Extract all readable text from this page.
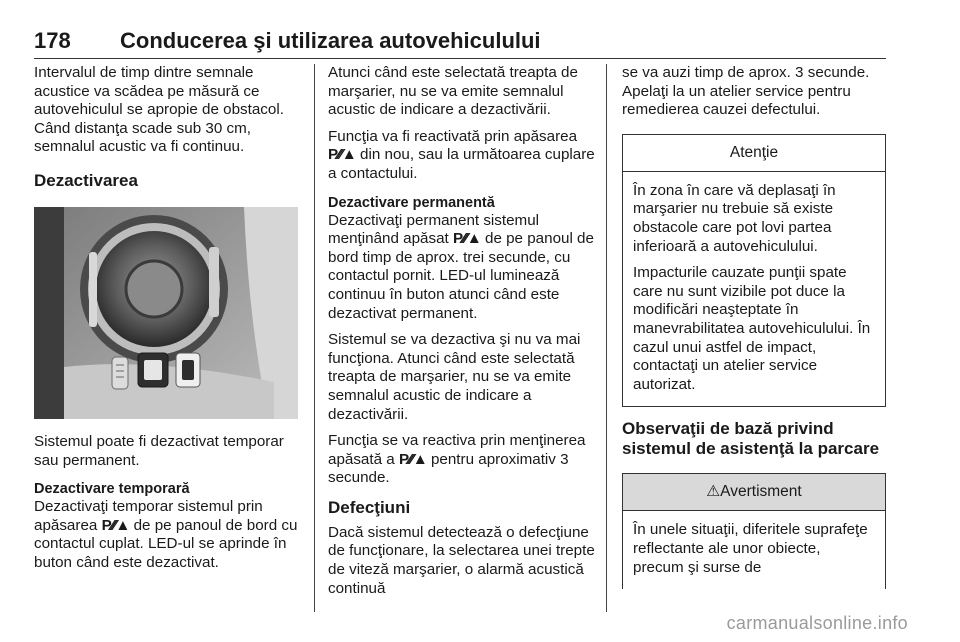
178 Conducerea şi utilizarea autovehiculului

Intervalul de timp dintre semnale acustice va scădea pe măsură ce autovehiculul se apropie de obstacol. Când distanţa scade sub 30 cm, semnalul acustic va fi continuu.

Dezactivarea

Sistemul poate fi dezactivat temporar sau permanent.

Dezactivare temporară

Dezactivaţi temporar sistemul prin apăsarea P⁄⁄⁄▲ de pe panoul de bord cu contactul cuplat. LED-ul se aprinde în buton când este dezactivat.

Atunci când este selectată treapta de marşarier, nu se va emite semnalul acustic de indicare a dezactivării.

Funcţia va fi reactivată prin apăsarea P⁄⁄⁄▲ din nou, sau la următoarea cuplare a contactului.

Dezactivare permanentă

Dezactivaţi permanent sistemul menţinând apăsat P⁄⁄⁄▲ de pe panoul de bord timp de aprox. trei secunde, cu contactul pornit. LED-ul luminează continuu în buton atunci când este dezactivat permanent.

Sistemul se va dezactiva şi nu va mai funcţiona. Atunci când este selectată treapta de marşarier, nu se va emite semnalul acustic de indicare a dezactivării.

Funcţia se va reactiva prin menţinerea apăsată a P⁄⁄⁄▲ pentru aproximativ 3 secunde.

Defecţiuni

Dacă sistemul detectează o defecţiune de funcţionare, la selectarea unei trepte de viteză marşarier, o alarmă acustică continuă

se va auzi timp de aprox. 3 secunde. Apelaţi la un atelier service pentru remedierea cauzei defectului.

Atenţie

În zona în care vă deplasaţi în marşarier nu trebuie să existe obstacole care pot lovi partea inferioară a autovehiculului.

Impacturile cauzate punţii spate care nu sunt vizibile pot duce la modificări neaşteptate în manevrabilitatea autovehiculului. În cazul unui astfel de impact, contactaţi un atelier service autorizat.

Observaţii de bază privind sistemul de asistenţă la parcare
⚠Avertisment

În unele situaţii, diferitele suprafeţe reflectante ale unor obiecte, precum şi surse de

carmanualsonline.info
